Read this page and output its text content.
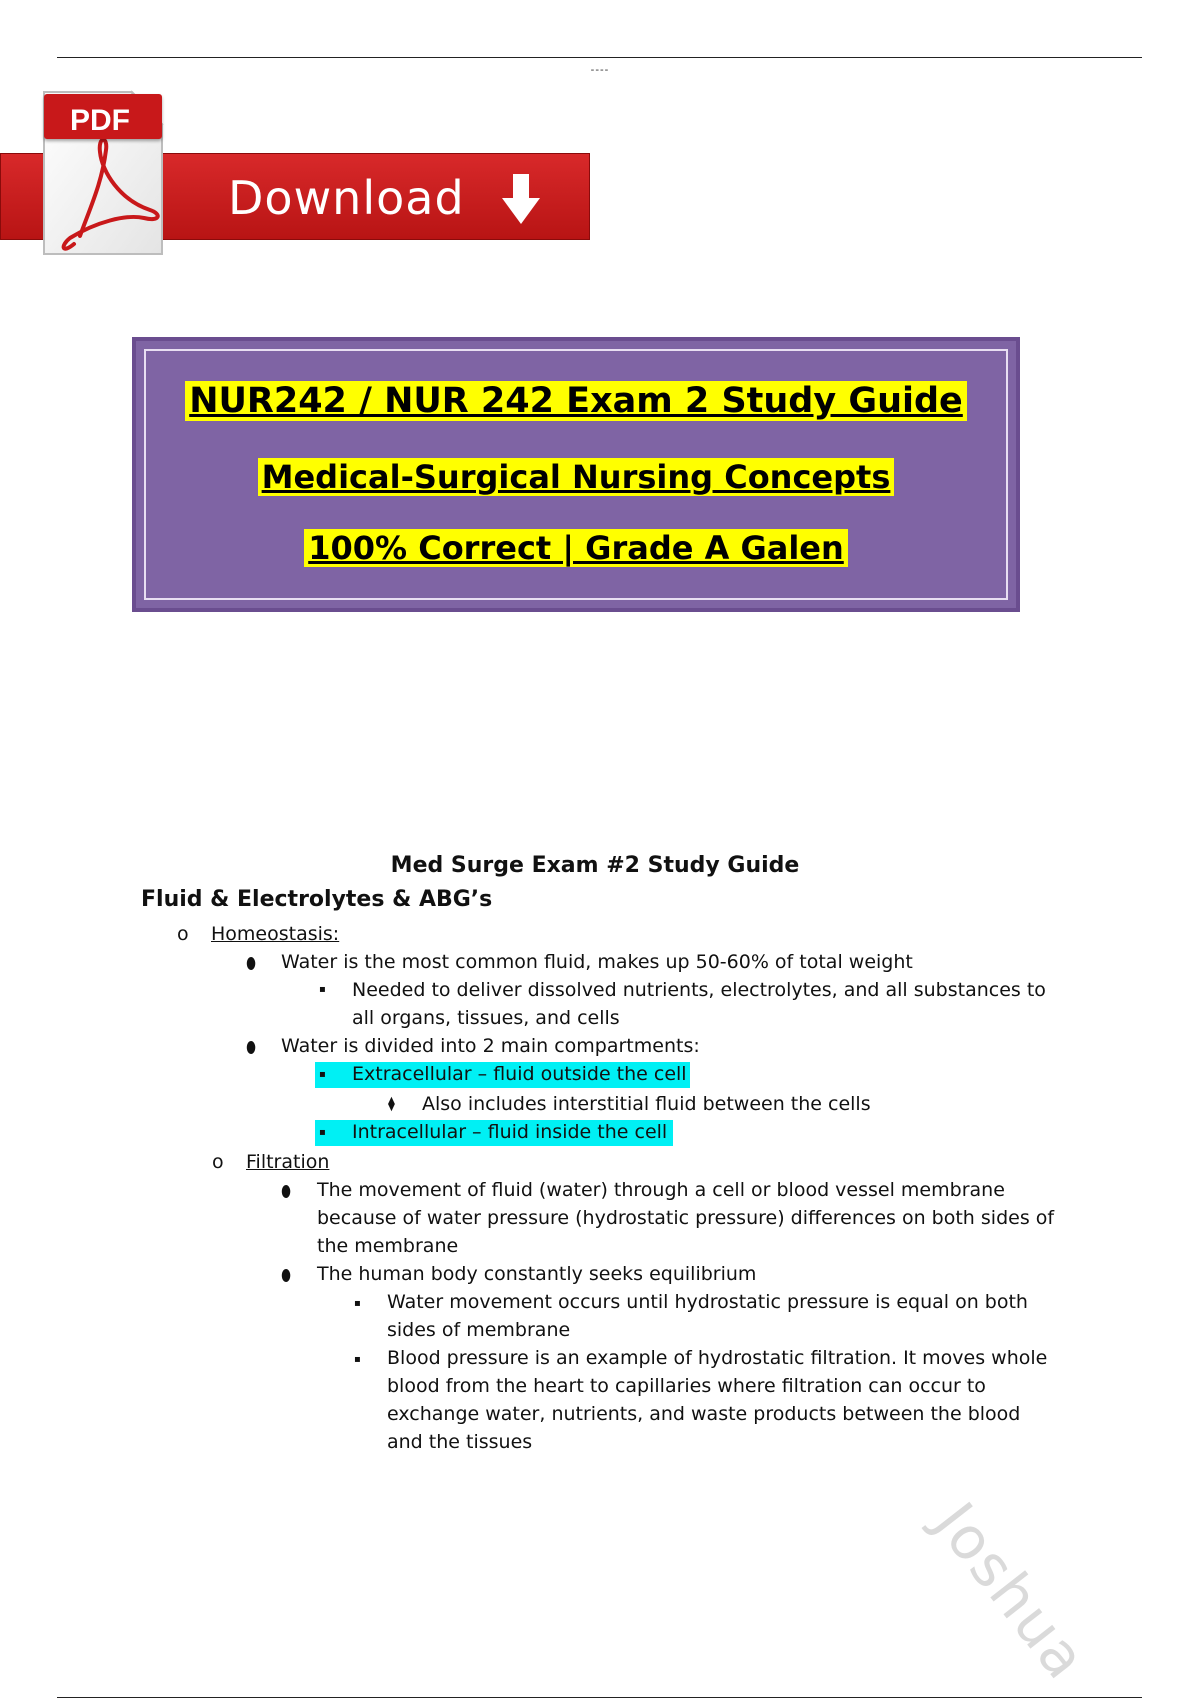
----
Download
PDF
NUR242 / NUR 242 Exam 2 Study Guide
Medical-Surgical Nursing Concepts
100% Correct | Grade A Galen
Med Surge Exam #2 Study Guide
Fluid & Electrolytes & ABG’s
o Homeostasis:
⬮ Water is the most common fluid, makes up 50-60% of total weight
▪ Needed to deliver dissolved nutrients, electrolytes, and all substances to
all organs, tissues, and cells
⬮ Water is divided into 2 main compartments:
▪ Extracellular – fluid outside the cell
⧫ Also includes interstitial fluid between the cells
▪ Intracellular – fluid inside the cell
o Filtration
⬮ The movement of fluid (water) through a cell or blood vessel membrane
because of water pressure (hydrostatic pressure) differences on both sides of
the membrane
⬮ The human body constantly seeks equilibrium
▪ Water movement occurs until hydrostatic pressure is equal on both
sides of membrane
▪ Blood pressure is an example of hydrostatic filtration. It moves whole
blood from the heart to capillaries where filtration can occur to
exchange water, nutrients, and waste products between the blood
and the tissues
Joshua
